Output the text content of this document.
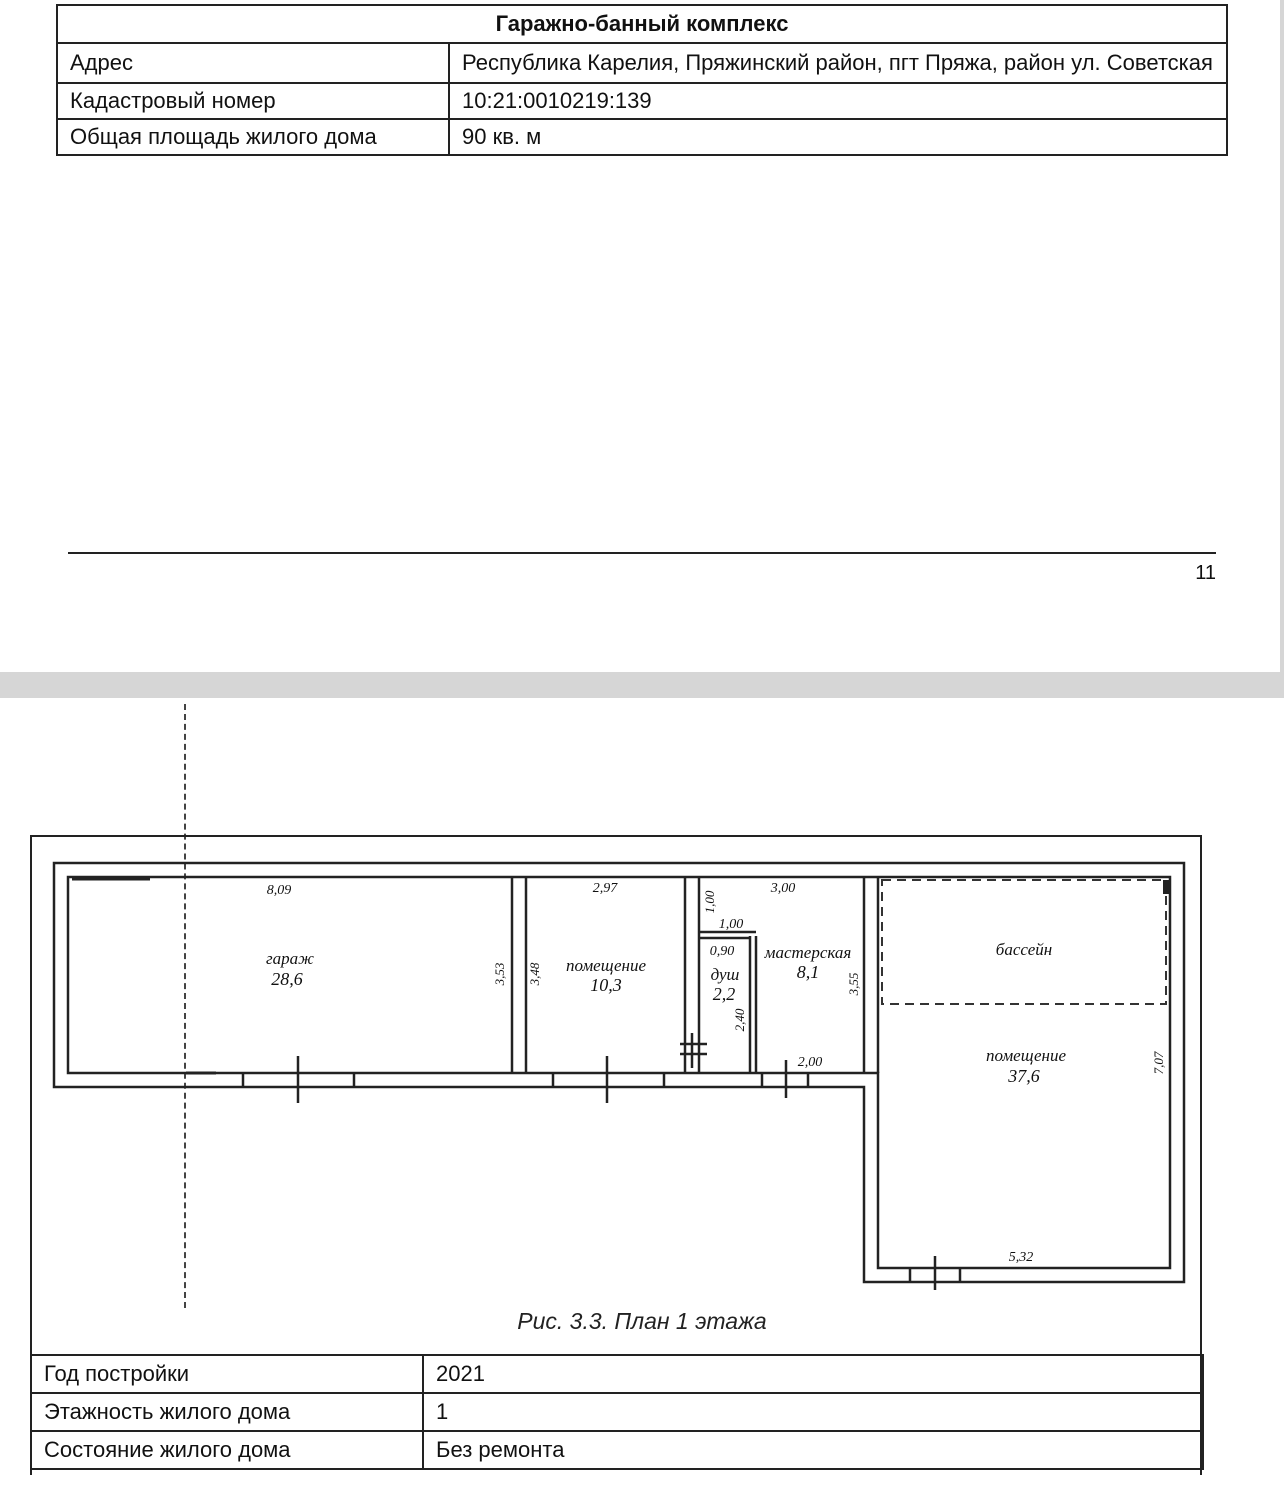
Гаражно-банный комплекс	
Адрес	Республика Карелия, Пряжинский район, пгт Пряжа, район ул. Советская
Кадастровый номер	10:21:0010219:139
Общая площадь жилого дома	90 кв. м
11
гараж
28,6
помещение
10,3
душ
2,2
мастерская
8,1
бассейн
помещение
37,6
8,09	2,97	3,00
1,00
0,90
2,00
5,32
3,53 3,48
1,00
2,40
3,55
7,07
Рис. 3.3. План 1 этажа
Год постройки	2021
Этажность жилого дома	1
Состояние жилого дома	Без ремонта
